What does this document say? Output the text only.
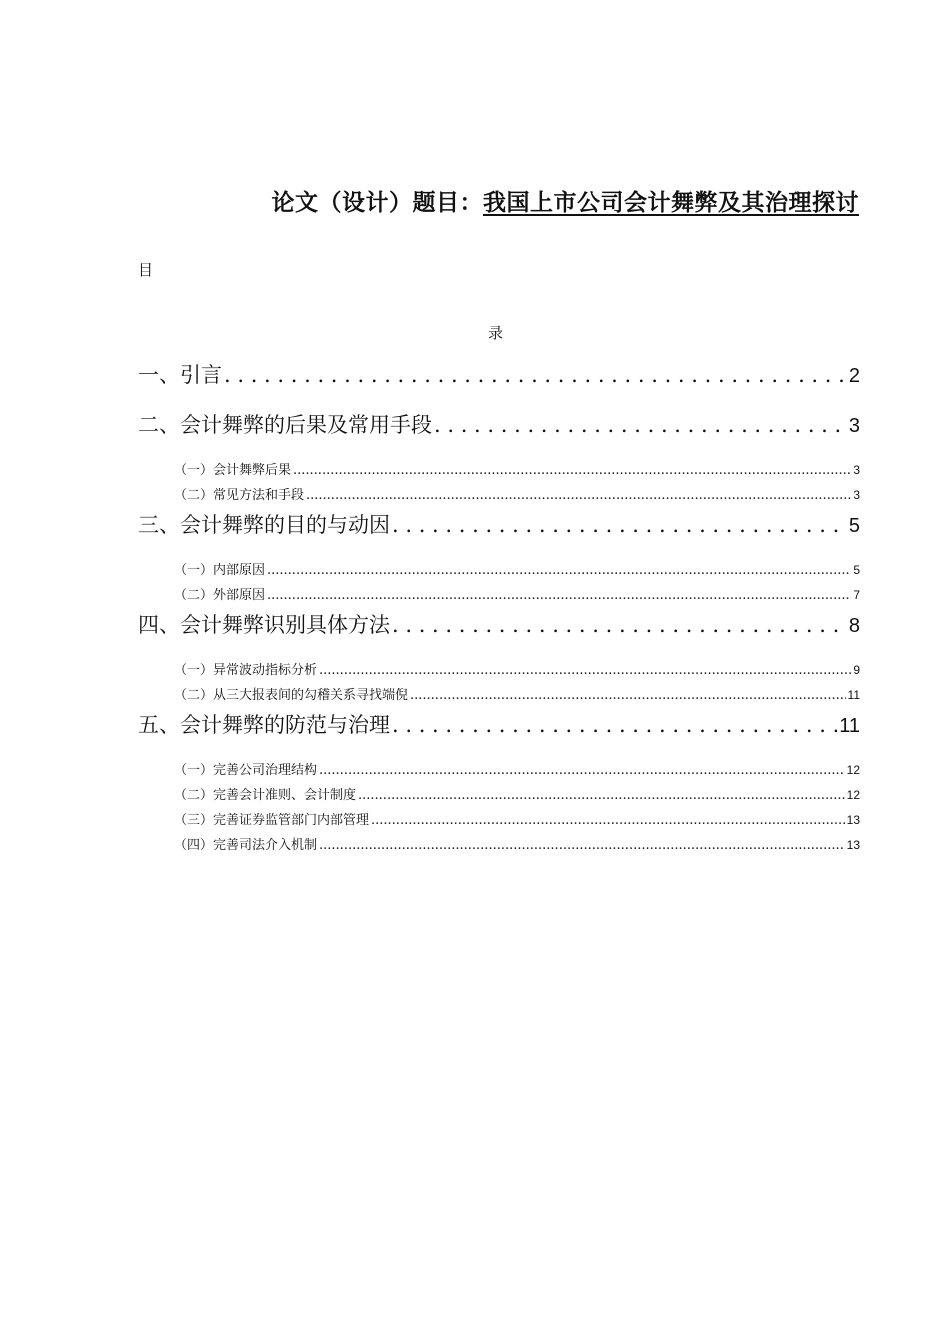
论文（设计）题目：我国上市公司会计舞弊及其治理探讨
目
录
一、引言 . . .	2
二、会计舞弊的后果及常用手段 . . .	3
（一）会计舞弊后果 .....	3
（二）常见方法和手段 .....	3
三、会计舞弊的目的与动因 . . .	5
（一）内部原因 .....	5
（二）外部原因 .....	7
四、会计舞弊识别具体方法 . . .	8
（一）异常波动指标分析 .....	9
（二）从三大报表间的勾稽关系寻找端倪 .....	11
五、会计舞弊的防范与治理 . . .	11
（一）完善公司治理结构 .....	12
（二）完善会计准则、会计制度 .....	12
（三）完善证券监管部门内部管理 .....	13
（四）完善司法介入机制 .....	13
